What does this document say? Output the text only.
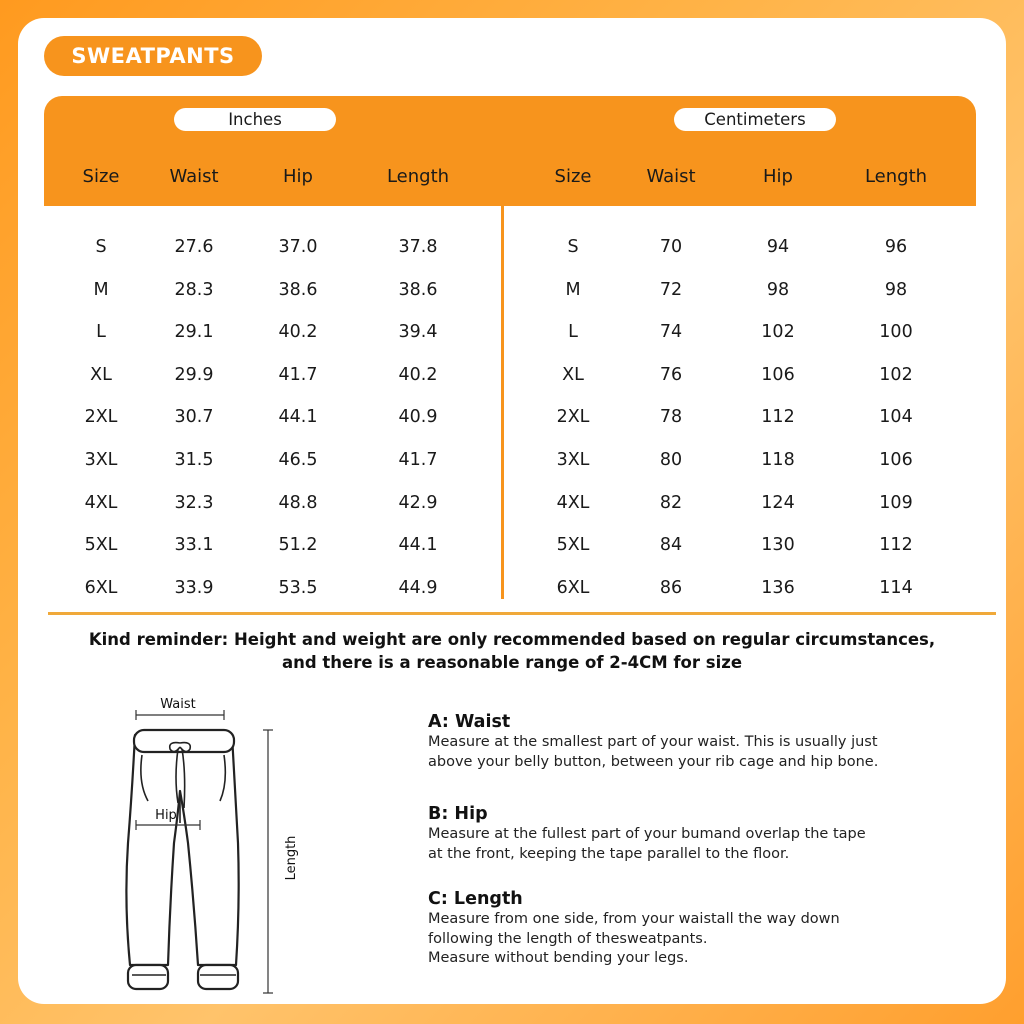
SWEATPANTS
Inches	Centimeters
Size	Waist	Hip	Length	Size	Waist	Hip	Length
S	27.6	37.0	37.8	S	70	94	96
M	28.3	38.6	38.6	M	72	98	98
L	29.1	40.2	39.4	L	74	102	100
XL	29.9	41.7	40.2	XL	76	106	102
2XL	30.7	44.1	40.9	2XL	78	112	104
3XL	31.5	46.5	41.7	3XL	80	118	106
4XL	32.3	48.8	42.9	4XL	82	124	109
5XL	33.1	51.2	44.1	5XL	84	130	112
6XL	33.9	53.5	44.9	6XL	86	136	114
Kind reminder: Height and weight are only recommended based on regular circumstances,
and there is a reasonable range of 2-4CM for size
Waist
Length
Hip
A: Waist

Measure at the smallest part of your waist. This is usually just

above your belly button, between your rib cage and hip bone.

B: Hip

Measure at the fullest part of your bumand overlap the tape

at the front, keeping the tape parallel to the floor.

C: Length

Measure from one side, from your waistall the way down

following the length of thesweatpants.

Measure without bending your legs.
